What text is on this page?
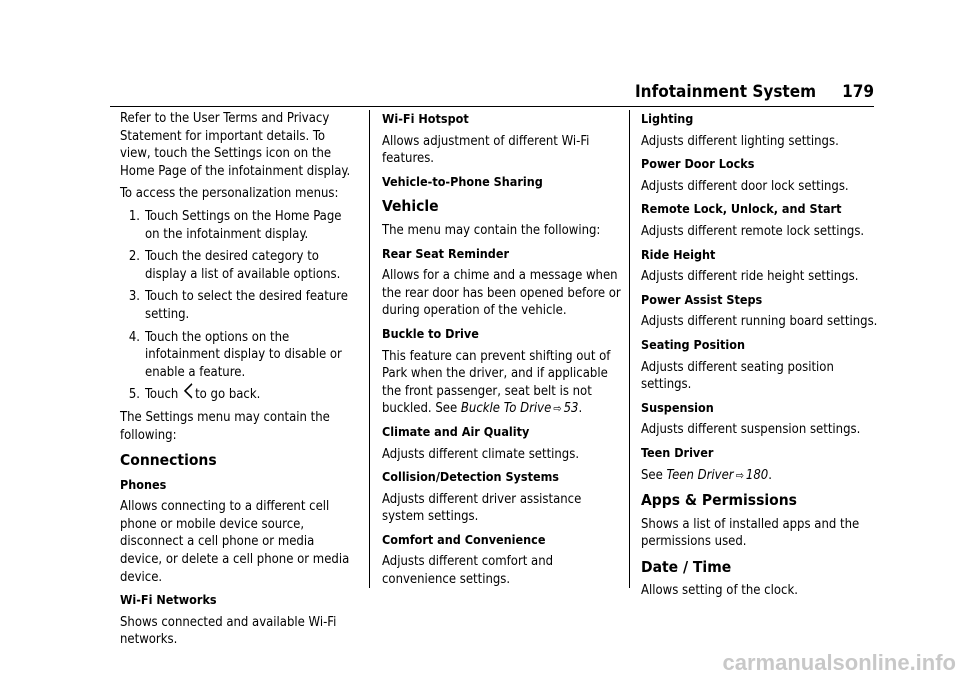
Infotainment System 179

Refer to the User Terms and Privacy Statement for important details. To view, touch the Settings icon on the Home Page of the infotainment display.

To access the personalization menus:

1. Touch Settings on the Home Page on the infotainment display.
2. Touch the desired category to display a list of available options.
3. Touch to select the desired feature setting.
4. Touch the options on the infotainment display to disable or enable a feature.
5. Touch to go back.

The Settings menu may contain the following:

Connections

Phones

Allows connecting to a different cell phone or mobile device source, disconnect a cell phone or media device, or delete a cell phone or media device.

Wi-Fi Networks

Shows connected and available Wi-Fi networks.

Wi-Fi Hotspot

Allows adjustment of different Wi-Fi features.

Vehicle-to-Phone Sharing

Vehicle

The menu may contain the following:

Rear Seat Reminder

Allows for a chime and a message when the rear door has been opened before or during operation of the vehicle.

Buckle to Drive

This feature can prevent shifting out of Park when the driver, and if applicable the front passenger, seat belt is not buckled. See Buckle To Drive ⇨ 53.

Climate and Air Quality

Adjusts different climate settings.

Collision/Detection Systems

Adjusts different driver assistance system settings.

Comfort and Convenience

Adjusts different comfort and convenience settings.

Lighting

Adjusts different lighting settings.

Power Door Locks

Adjusts different door lock settings.

Remote Lock, Unlock, and Start

Adjusts different remote lock settings.

Ride Height

Adjusts different ride height settings.

Power Assist Steps

Adjusts different running board settings.

Seating Position

Adjusts different seating position settings.

Suspension

Adjusts different suspension settings.

Teen Driver

See Teen Driver ⇨ 180.

Apps & Permissions

Shows a list of installed apps and the permissions used.

Date / Time

Allows setting of the clock.

carmanualsonline.info
